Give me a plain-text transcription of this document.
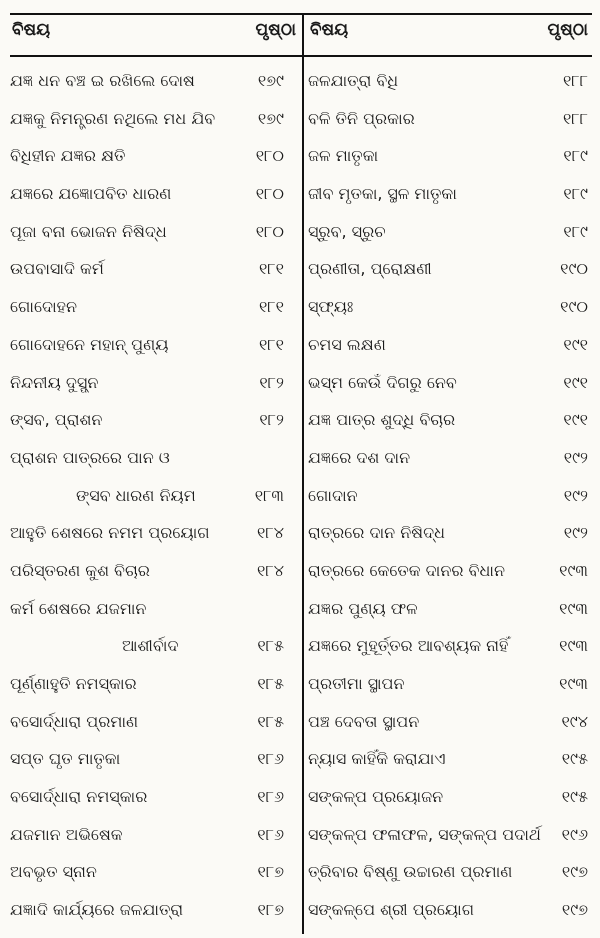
ବିଷୟ	ପୃଷ୍ଠା
ଯଜ୍ଞ ଧନ ବଞ୍ଚ ଇ ରଖିଲେ ଦୋଷ	୧୭୯
ଯଜ୍ଞକୁ ନିମନ୍ତ୍ରଣ ନଥିଲେ ମଧ ଯିବ	୧୭୯
ବିଧିହୀନ ଯଜ୍ଞର କ୍ଷତି	୧୮୦
ଯଜ୍ଞରେ ଯଜ୍ଞୋପବିତ ଧାରଣ	୧୮୦
ପୂଜା ବନା ଭୋଜନ ନିଷିଦ୍ଧ	୧୮୦
ଉପବାସାଦି କର୍ମ	୧୮୧
ଗୋଦୋହନ	୧୮୧
ଗୋଦୋହନେ ମହାନ୍ ପୁଣ୍ୟ	୧୮୧
ନିନ୍ଦନୀୟ ଦୁସ୍ପ୍ନ	୧୮୨
ଙ୍ସବ, ପ୍ରାଶନ	୧୮୨
ପ୍ରାଶନ ପାତ୍ରରେ ପାନ ଓ
ଙ୍ସବ ଧାରଣ ନିୟମ	୧୮୩
ଆହୁତି ଶେଷରେ ନମମ ପ୍ରୟୋଗ	୧୮୪
ପରିସ୍ତରଣ କୁଶ ବିଚାର	୧୮୪
କର୍ମ ଶେଷରେ ଯଜମାନ
ଆଶୀର୍ବାଦ	୧୮୫
ପୂର୍ଣ୍ଣାହୁତି ନମସ୍କାର	୧୮୫
ବସୋର୍ଦ୍ଧାରା ପ୍ରମାଣ	୧୮୫
ସପ୍ତ ଘୃତ ମାତୃକା	୧୮୬
ବସୋର୍ଦ୍ଧାରା ନମସ୍କାର	୧୮୬
ଯଜମାନ ଅଭିଷେକ	୧୮୬
ଅବଭୃତ ସ୍ନାନ	୧୮୭
ଯଜ୍ଞାଦି କାର୍ଯ୍ୟରେ ଜଳଯାତ୍ରା	୧୮୭
ବିଷୟ	ପୃଷ୍ଠା
ଜଳଯାତ୍ରା ବିଧି	୧୮୮
ବଳି ତିନି ପ୍ରକାର	୧୮୮
ଜଳ ମାତୃକା	୧୮୯
ଜୀବ ମୃତକା, ସ୍ଥଳ ମାତୃକା	୧୮୯
ସ୍ରୁବ, ସ୍ରୁଚ	୧୮୯
ପ୍ରଣୀତା, ପ୍ରୋକ୍ଷଣୀ	୧୯୦
ସ୍ଫ୍ୟଃ	୧୯୦
ଚମସ ଲକ୍ଷଣ	୧୯୧
ଭସ୍ମ କେଉଁ ଦିଗରୁ ନେବ	୧୯୧
ଯଜ୍ଞ ପାତ୍ର ଶୁଦ୍ଧି ବିଚାର	୧୯୧
ଯଜ୍ଞରେ ଦଶ ଦାନ	୧୯୨
ଗୋଦାନ	୧୯୨
ରାତ୍ରରେ ଦାନ ନିଷିଦ୍ଧ	୧୯୨
ରାତ୍ରରେ କେତେକ ଦାନର ବିଧାନ	୧୯୩
ଯଜ୍ଞର ପୁଣ୍ୟ ଫଳ	୧୯୩
ଯଜ୍ଞରେ ମୁହୂର୍ତ୍ତର ଆବଶ୍ୟକ ନାହିଁ	୧୯୩
ପ୍ରତୀମା ସ୍ଥାପନ	୧୯୩
ପଞ୍ଚ ଦେବତା ସ୍ଥାପନ	୧୯୪
ନ୍ୟାସ କାହିଁକି କରାଯାଏ	୧୯୫
ସଙ୍କଳ୍ପ ପ୍ରୟୋଜନ	୧୯୫
ସଙ୍କଳ୍ପ ଫଳାଫଳ, ସଙ୍କଳ୍ପ ପଦାର୍ଥ ୧୯୬
ତ୍ରିବାର ବିଷ୍ଣୁ ଉଚ୍ଚାରଣ ପ୍ରମାଣ	୧୯୭
ସଙ୍କଳ୍ପେ ଶ୍ରୀ ପ୍ରୟୋଗ	୧୯୭
